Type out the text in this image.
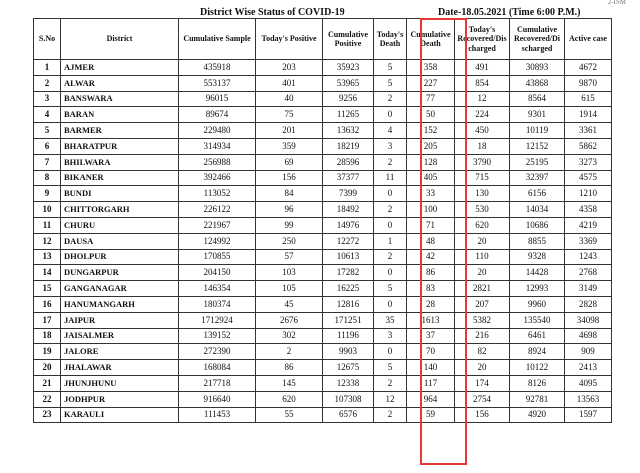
2-ISM
District Wise Status of COVID-19	Date-18.05.2021 (Time 6:00 P.M.)
S.No	District	Cumulative Sample	Today's Positive	Cumulative Positive	Today's Death	Cumulative Death	Today's Recovered/Dis charged	Cumulative Recovered/Di scharged	Active case
1	AJMER	435918	203	35923	5	358	491	30893	4672
2	ALWAR	553137	401	53965	5	227	854	43868	9870
3	BANSWARA	96015	40	9256	2	77	12	8564	615
4	BARAN	89674	75	11265	0	50	224	9301	1914
5	BARMER	229480	201	13632	4	152	450	10119	3361
6	BHARATPUR	314934	359	18219	3	205	18	12152	5862
7	BHILWARA	256988	69	28596	2	128	3790	25195	3273
8	BIKANER	392466	156	37377	11	405	715	32397	4575
9	BUNDI	113052	84	7399	0	33	130	6156	1210
10	CHITTORGARH	226122	96	18492	2	100	530	14034	4358
11	CHURU	221967	99	14976	0	71	620	10686	4219
12	DAUSA	124992	250	12272	1	48	20	8855	3369
13	DHOLPUR	170855	57	10613	2	42	110	9328	1243
14	DUNGARPUR	204150	103	17282	0	86	20	14428	2768
15	GANGANAGAR	146354	105	16225	5	83	2821	12993	3149
16	HANUMANGARH	180374	45	12816	0	28	207	9960	2828
17	JAIPUR	1712924	2676	171251	35	1613	5382	135540	34098
18	JAISALMER	139152	302	11196	3	37	216	6461	4698
19	JALORE	272390	2	9903	0	70	82	8924	909
20	JHALAWAR	168084	86	12675	5	140	20	10122	2413
21	JHUNJHUNU	217718	145	12338	2	117	174	8126	4095
22	JODHPUR	916640	620	107308	12	964	2754	92781	13563
23	KARAULI	111453	55	6576	2	59	156	4920	1597
